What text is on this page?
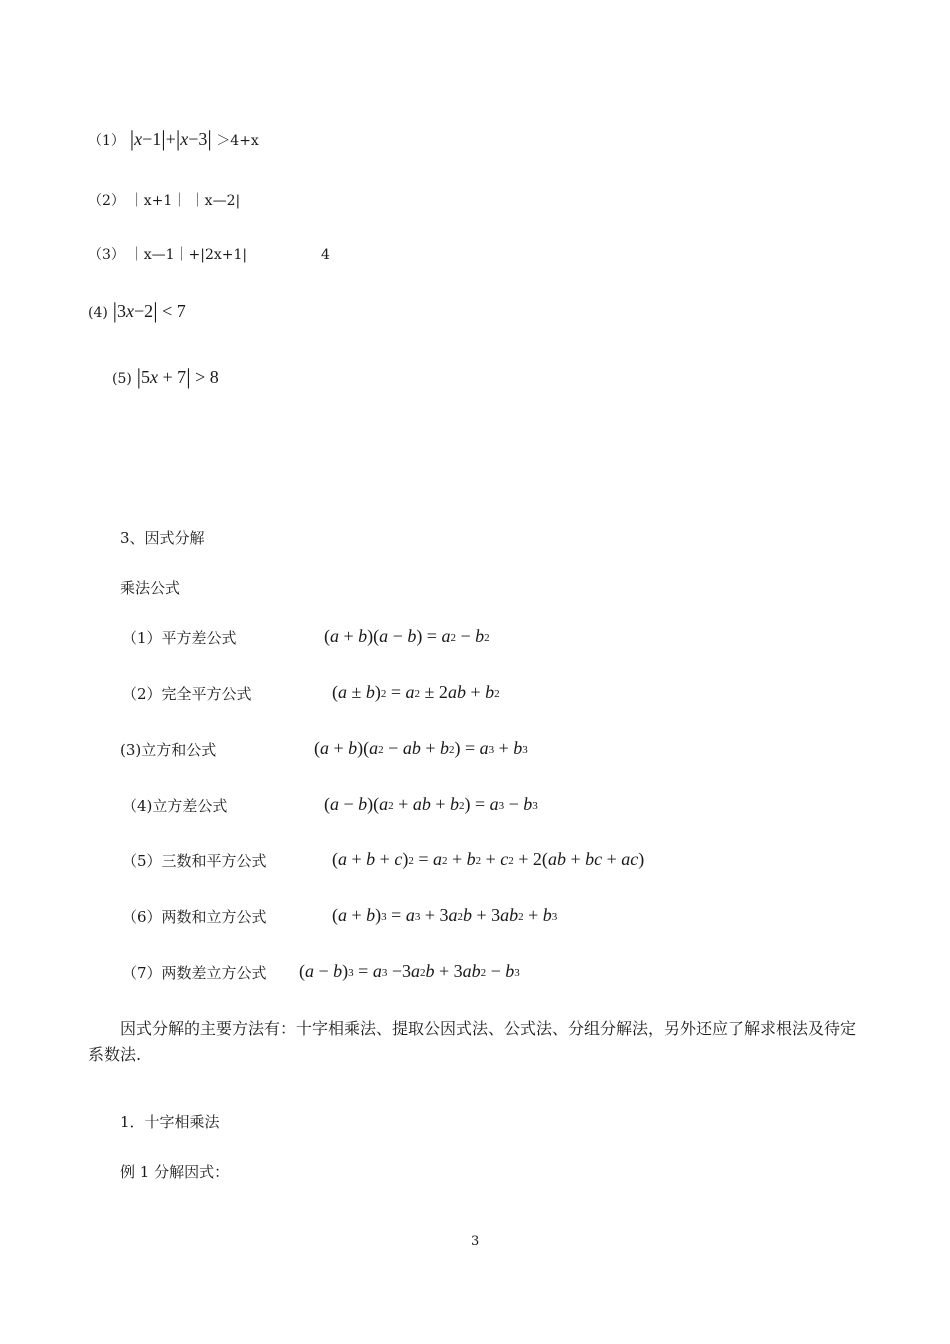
（1） |x−1|+|x−3| ＞4+x
（2） ｜x+1｜ ｜x—2|
（3） ｜x—1｜+|2x+1|	4
(4) |3x−2| < 7
(5) |5x + 7| > 8
3、因式分解
乘法公式
（1）平方差公式	(a + b)(a − b) = a2 − b2
（2）完全平方公式	(a ± b)2 = a2 ± 2ab + b2
(3)立方和公式	(a + b)(a2 − ab + b2) = a3 + b3
（4)立方差公式	(a − b)(a2 + ab + b2) = a3 − b3
（5）三数和平方公式	(a + b + c)2 = a2 + b2 + c2 + 2(ab + bc + ac)
（6）两数和立方公式	(a + b)3 = a3 + 3a2b + 3ab2 + b3
（7）两数差立方公式 (a − b)3 = a3 −3a2b + 3ab2 − b3
因式分解的主要方法有：十字相乘法、提取公因式法、公式法、分组分解法，另外还应了解求根法及待定系数法.
1．十字相乘法
例 1 分解因式：
3
